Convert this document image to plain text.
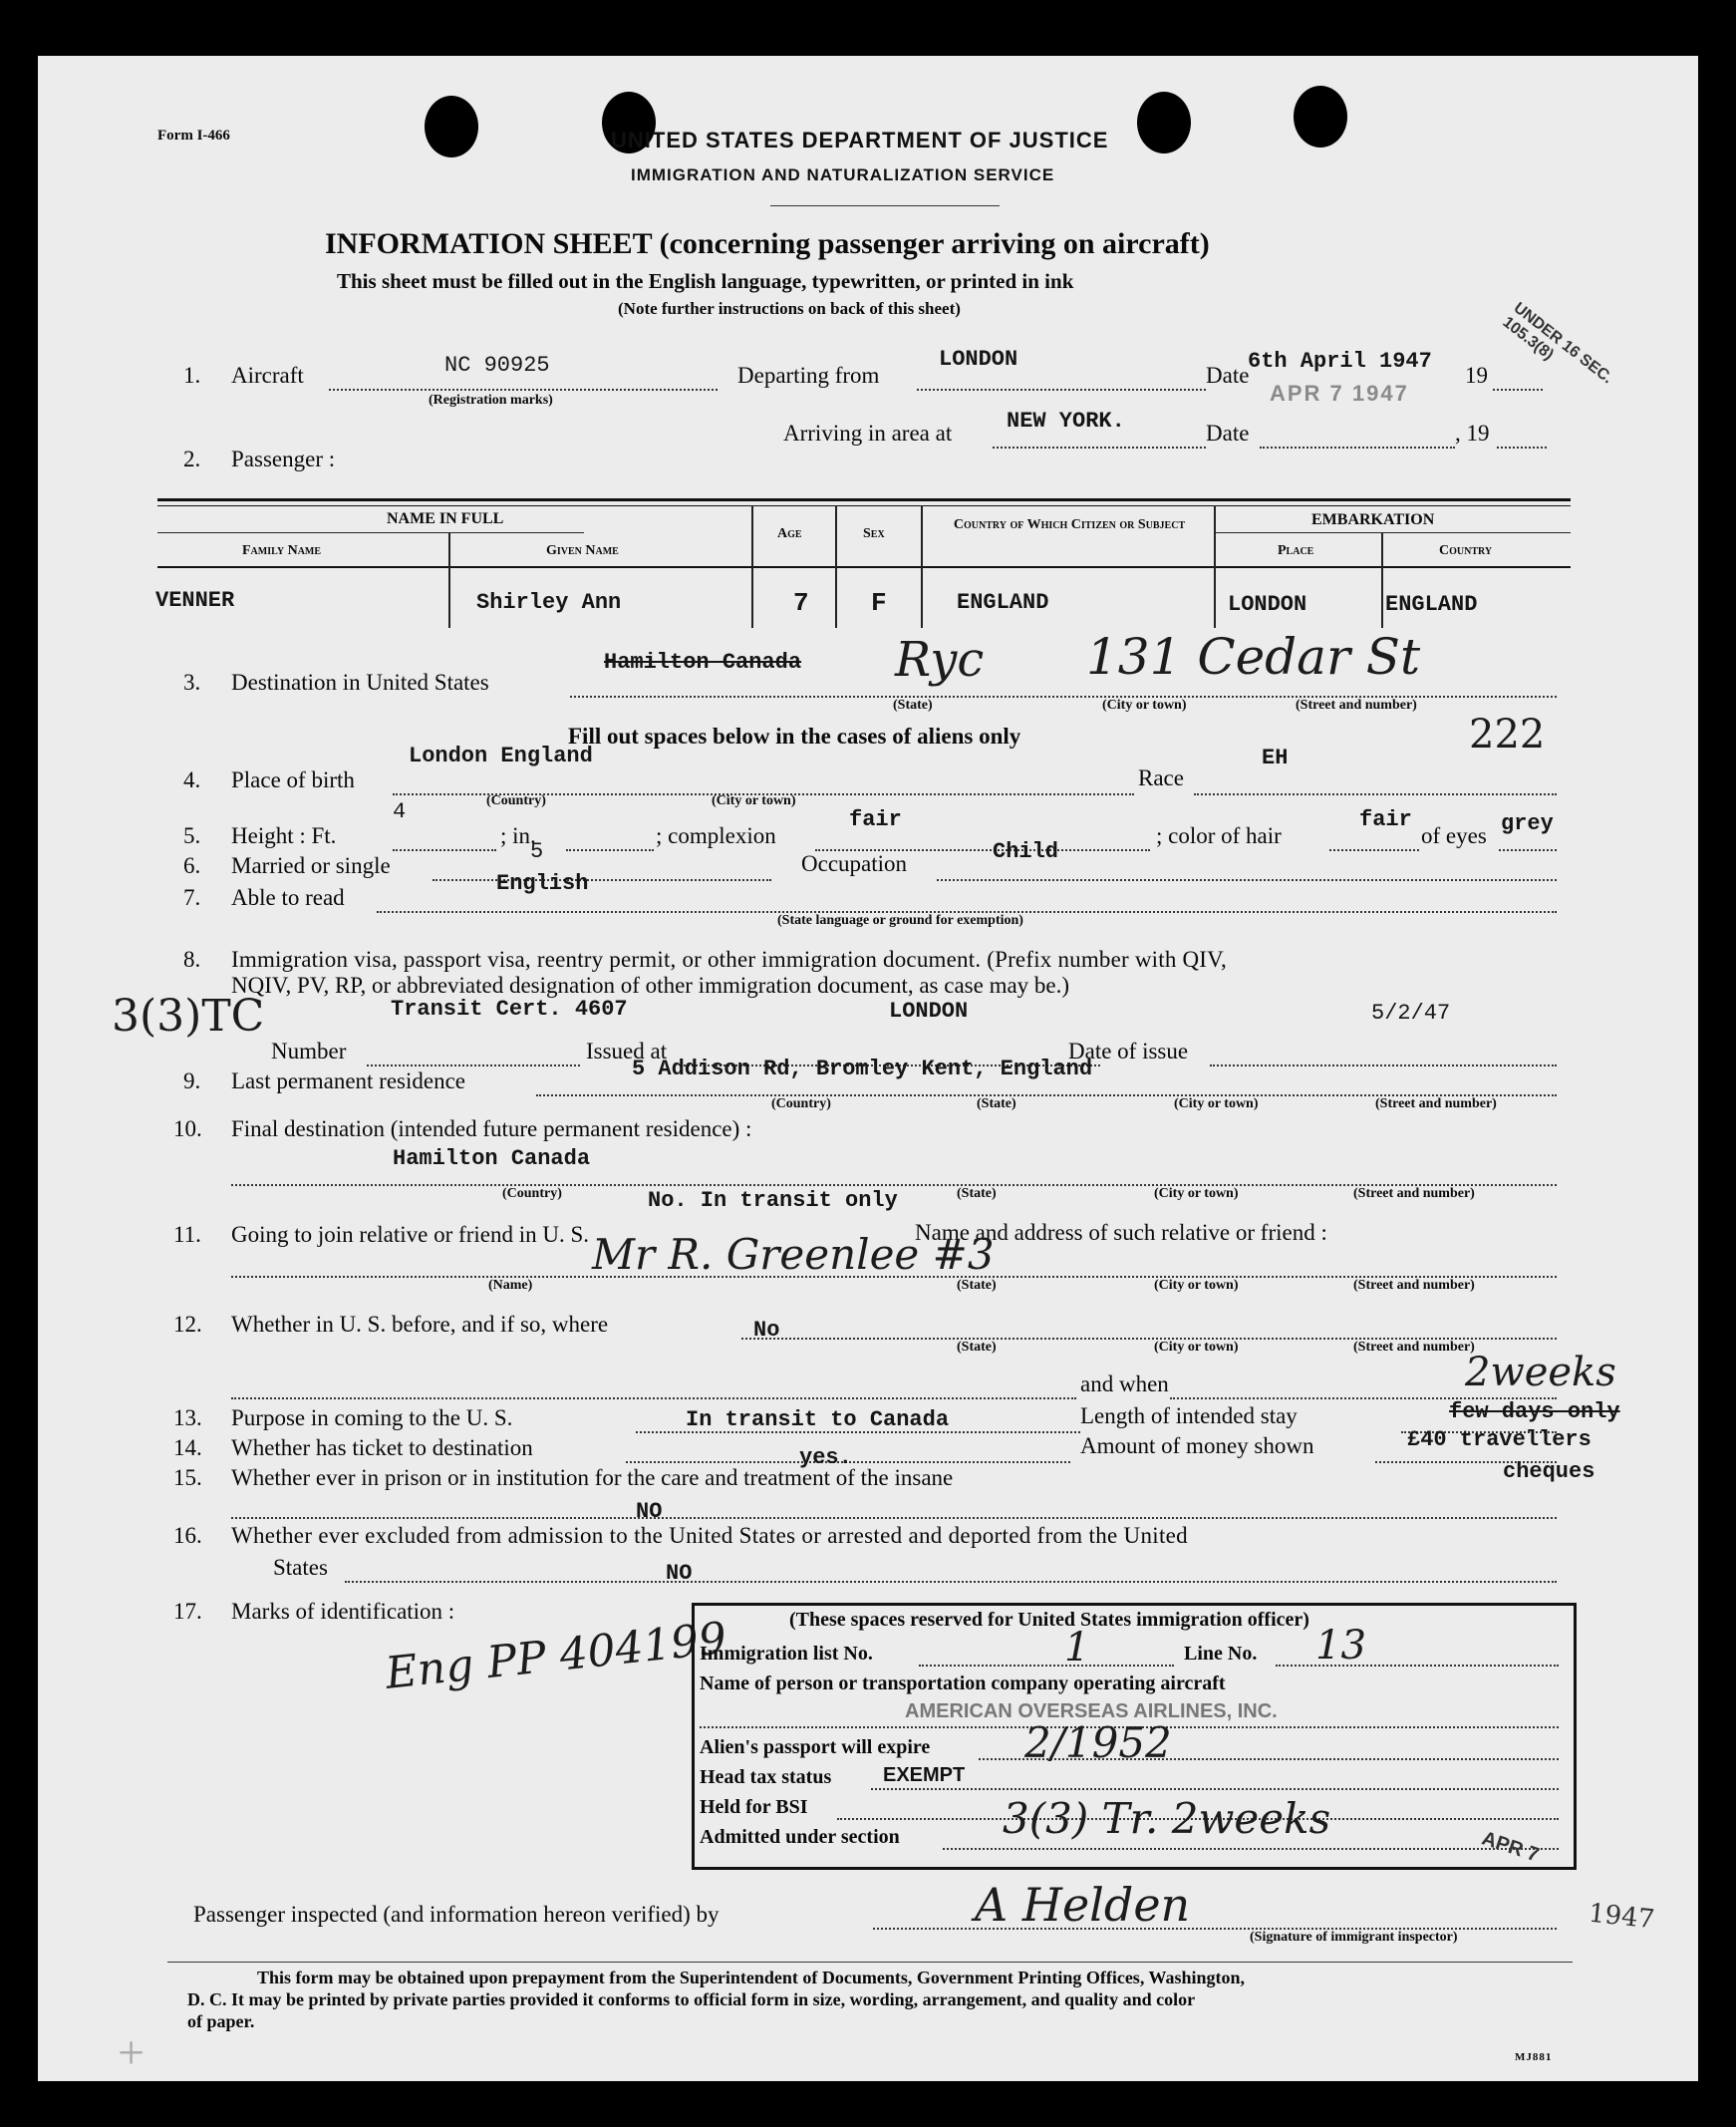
Form I-466	UNITED STATES DEPARTMENT OF JUSTICE
IMMIGRATION AND NATURALIZATION SERVICE
INFORMATION SHEET (concerning passenger arriving on aircraft)
This sheet must be filled out in the English language, typewritten, or printed in ink
(Note further instructions on back of this sheet)	UNDER 16 SEC. 105.3(8)
1. Aircraft	NC 90925
(Registration marks)
Departing from
LONDON
Date
6th April 1947
19
APR 7 1947
Arriving in area at NEW YORK.	Date	, 19
2. Passenger :
NAME IN FULL
Family Name	Given Name
Age	Sex
Country of Which Citizen or Subject	EMBARKATION
Place	Country
VENNER	Shirley Ann	7 F	ENGLAND	LONDON	ENGLAND
3. Destination in United States
Hamilton Canada Ryc 131 Cedar St
(State)	(City or town)	(Street and number)
Fill out spaces below in the cases of aliens only	222
4. Place of birth
London England
Race
EH
(Country)	(City or town)
5. Height : Ft.
4
; in.	; complexion
fair
; color of hair
fair
of eyes grey
6. Married or single
5	Occupation	Child
7. Able to read
English
(State language or ground for exemption)
8. Immigration visa, passport visa, reentry permit, or other immigration document. (Prefix number with QIV,
NQIV, PV, RP, or abbreviated designation of other immigration document, as case may be.)
3(3)TC	Transit Cert. 4607	LONDON	5/2/47
Number	Issued at	Date of issue
9. Last permanent residence	5 Addison Rd, Bromley Kent, England
(Country)	(State)	(City or town)	(Street and number)
10. Final destination (intended future permanent residence) :
Hamilton Canada
(Country)	(State)	(City or town)	(Street and number)
No. In transit only
11. Going to join relative or friend in U. S.	Name and address of such relative or friend :
Mr R. Greenlee #3
(Name)	(State)	(City or town)	(Street and number)
12. Whether in U. S. before, and if so, where	No
(State)	(City or town)	(Street and number)
and when	2weeks
13. Purpose in coming to the U. S.	In transit to Canada	Length of intended stay	few days only
14. Whether has ticket to destination	yes.	Amount of money shown	£40 travellers
cheques
15. Whether ever in prison or in institution for the care and treatment of the insane
NO
16. Whether ever excluded from admission to the United States or arrested and deported from the United
States	NO
17. Marks of identification :
Eng PP 404199	(These spaces reserved for United States immigration officer)
Immigration list No.	1	Line No. 13
Name of person or transportation company operating aircraft
AMERICAN OVERSEAS AIRLINES, INC.
Alien's passport will expire 2/1952
Head tax status	EXEMPT
Held for BSI
Admitted under section 3(3) Tr. 2weeks
APR 7
Passenger inspected (and information hereon verified) by	A Helden
(Signature of immigrant inspector)
1947
This form may be obtained upon prepayment from the Superintendent of Documents, Government Printing Offices, Washington,
D. C. It may be printed by private parties provided it conforms to official form in size, wording, arrangement, and quality and color
of paper.
MJ881
+
